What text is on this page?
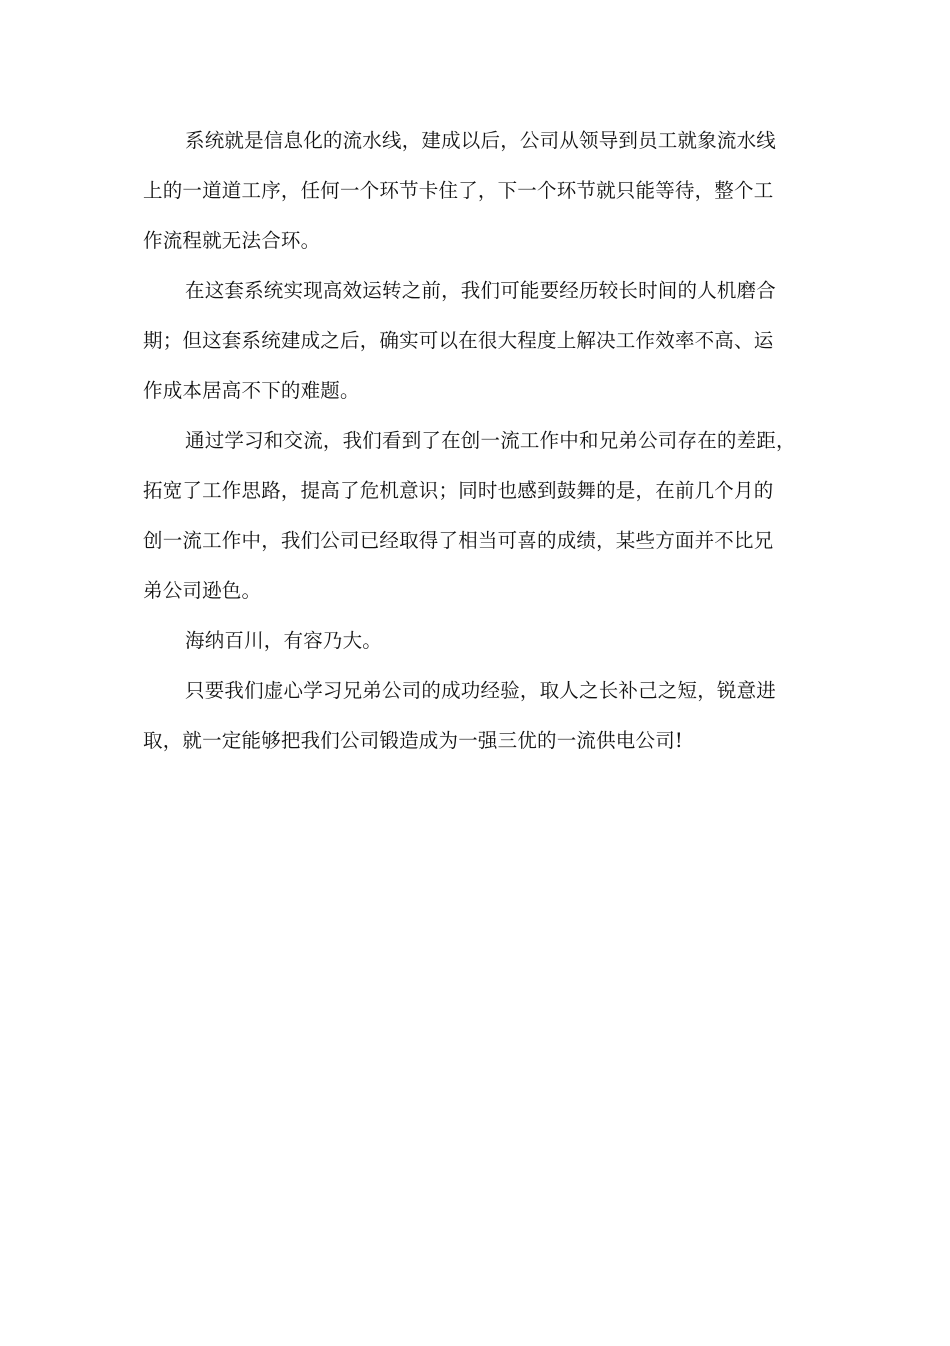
系统就是信息化的流水线，建成以后，公司从领导到员工就象流水线
上的一道道工序，任何一个环节卡住了，下一个环节就只能等待，整个工
作流程就无法合环。

在这套系统实现高效运转之前，我们可能要经历较长时间的人机磨合
期；但这套系统建成之后，确实可以在很大程度上解决工作效率不高、运
作成本居高不下的难题。

通过学习和交流，我们看到了在创一流工作中和兄弟公司存在的差距，
拓宽了工作思路，提高了危机意识；同时也感到鼓舞的是，在前几个月的
创一流工作中，我们公司已经取得了相当可喜的成绩，某些方面并不比兄
弟公司逊色。

海纳百川，有容乃大。

只要我们虚心学习兄弟公司的成功经验，取人之长补己之短，锐意进
取，就一定能够把我们公司锻造成为一强三优的一流供电公司!
